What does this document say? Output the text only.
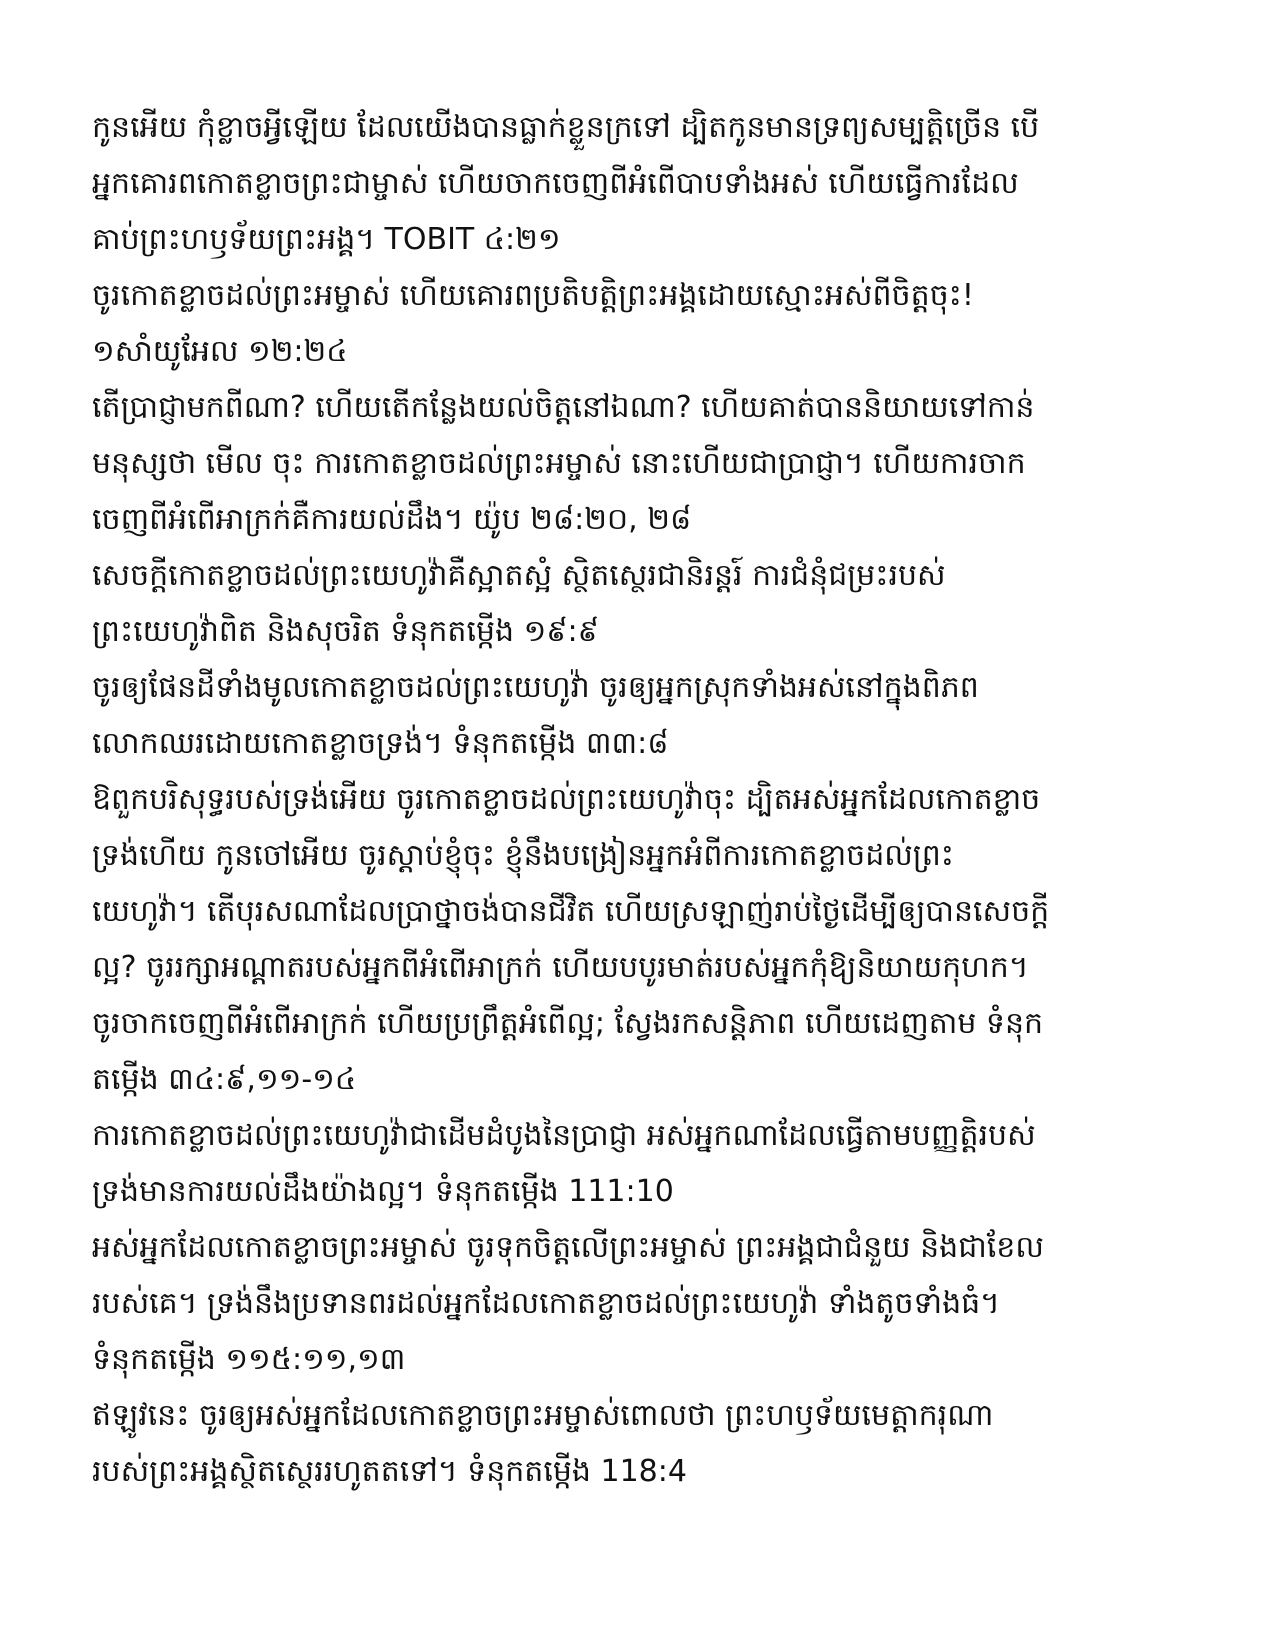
កូនអើយ កុំខ្លាចអ្វីឡើយ ដែលយើងបានធ្លាក់ខ្លួនក្រទៅ ដ្បិតកូនមានទ្រព្យសម្បត្តិច្រើន បើ
អ្នកគោរពកោតខ្លាចព្រះជាម្ចាស់ ហើយចាកចេញពីអំពើបាបទាំងអស់ ហើយធ្វើការដែល
គាប់ព្រះហឫទ័យព្រះអង្គ។ TOBIT ៤:២១
ចូរកោតខ្លាចដល់ព្រះអម្ចាស់ ហើយគោរពប្រតិបត្តិព្រះអង្គដោយស្មោះអស់ពីចិត្តចុះ!
១សាំយូអែល ១២:២៤
តើប្រាជ្ញាមកពីណា? ហើយតើកន្លែងយល់ចិត្តនៅឯណា? ហើយគាត់បាននិយាយទៅកាន់
មនុស្សថា មើល ចុះ ការកោតខ្លាចដល់ព្រះអម្ចាស់ នោះហើយជាប្រាជ្ញា។ ហើយការចាក
ចេញពីអំពើអាក្រក់គឺការយល់ដឹង។ យ៉ូប ២៨:២០, ២៨
សេចក្តីកោតខ្លាចដល់ព្រះយេហូវ៉ាគឺស្អាតស្អំ ស្ថិតស្ថេរជានិរន្តរ៍ ការជំនុំជម្រះរបស់
ព្រះយេហូវ៉ាពិត និងសុចរិត ទំនុកតម្កើង ១៩:៩
ចូរឲ្យផែនដីទាំងមូលកោតខ្លាចដល់ព្រះយេហូវ៉ា ចូរឲ្យអ្នកស្រុកទាំងអស់នៅក្នុងពិភព
លោកឈរដោយកោតខ្លាចទ្រង់។ ទំនុកតម្កើង ៣៣:៨
ឱពួកបរិសុទ្ធរបស់ទ្រង់អើយ ចូរកោតខ្លាចដល់ព្រះយេហូវ៉ាចុះ ដ្បិតអស់អ្នកដែលកោតខ្លាច
ទ្រង់ហើយ កូនចៅអើយ ចូរស្តាប់ខ្ញុំចុះ ខ្ញុំនឹងបង្រៀនអ្នកអំពីការកោតខ្លាចដល់ព្រះ
យេហូវ៉ា។ តើបុរសណាដែលប្រាថ្នាចង់បានជីវិត ហើយស្រឡាញ់រាប់ថ្ងៃដើម្បីឲ្យបានសេចក្តី
ល្អ? ចូររក្សាអណ្តាតរបស់អ្នកពីអំពើអាក្រក់ ហើយបបូរមាត់របស់អ្នកកុំឱ្យនិយាយកុហក។
ចូរចាកចេញពីអំពើអាក្រក់ ហើយប្រព្រឹត្តអំពើល្អ; ស្វែងរកសន្តិភាព ហើយដេញតាម ទំនុក
តម្កើង ៣៤:៩,១១-១៤
ការកោតខ្លាចដល់ព្រះយេហូវ៉ាជាដើមដំបូងនៃប្រាជ្ញា អស់អ្នកណាដែលធ្វើតាមបញ្ញត្តិរបស់
ទ្រង់មានការយល់ដឹងយ៉ាងល្អ។ ទំនុកតម្កើង 111:10
អស់អ្នកដែលកោតខ្លាចព្រះអម្ចាស់ ចូរទុកចិត្តលើព្រះអម្ចាស់ ព្រះអង្គជាជំនួយ និងជាខែល
របស់គេ។ ទ្រង់នឹងប្រទានពរដល់អ្នកដែលកោតខ្លាចដល់ព្រះយេហូវ៉ា ទាំងតូចទាំងធំ។
ទំនុកតម្កើង ១១៥:១១,១៣
ឥឡូវនេះ ចូរឲ្យអស់អ្នកដែលកោតខ្លាចព្រះអម្ចាស់ពោលថា ព្រះហឫទ័យមេត្តាករុណា
របស់ព្រះអង្គស្ថិតស្ថេររហូតតទៅ។ ទំនុកតម្កើង 118:4
